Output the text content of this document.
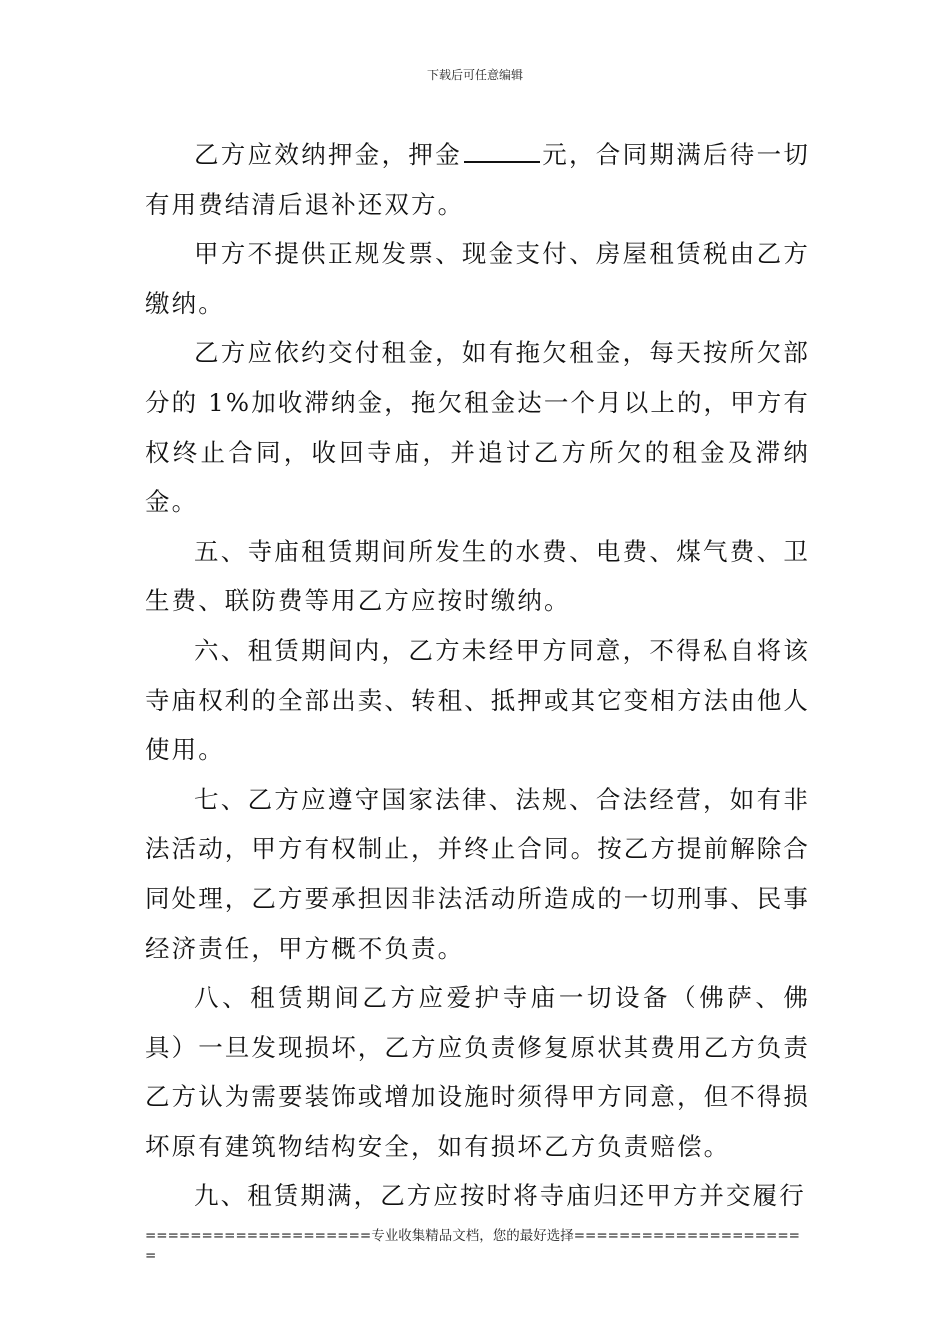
下载后可任意编辑

乙方应效纳押金，押金	元，合同期满后待一切有用费结清后退补还双方。

甲方不提供正规发票、现金支付、房屋租赁税由乙方缴纳。

乙方应依约交付租金，如有拖欠租金，每天按所欠部分的 1%加收滞纳金，拖欠租金达一个月以上的，甲方有权终止合同，收回寺庙，并追讨乙方所欠的租金及滞纳金。

五、寺庙租赁期间所发生的水费、电费、煤气费、卫生费、联防费等用乙方应按时缴纳。

六、租赁期间内，乙方未经甲方同意，不得私自将该寺庙权利的全部出卖、转租、抵押或其它变相方法由他人使用。

七、乙方应遵守国家法律、法规、合法经营，如有非法活动，甲方有权制止，并终止合同。按乙方提前解除合同处理，乙方要承担因非法活动所造成的一切刑事、民事经济责任，甲方概不负责。

八、租赁期间乙方应爱护寺庙一切设备（佛萨、佛具）一旦发现损坏，乙方应负责修复原状其费用乙方负责乙方认为需要装饰或增加设施时须得甲方同意，但不得损坏原有建筑物结构安全，如有损坏乙方负责赔偿。

九、租赁期满，乙方应按时将寺庙归还甲方并交履行

====================专业收集精品文档，您的最好选择=====================
